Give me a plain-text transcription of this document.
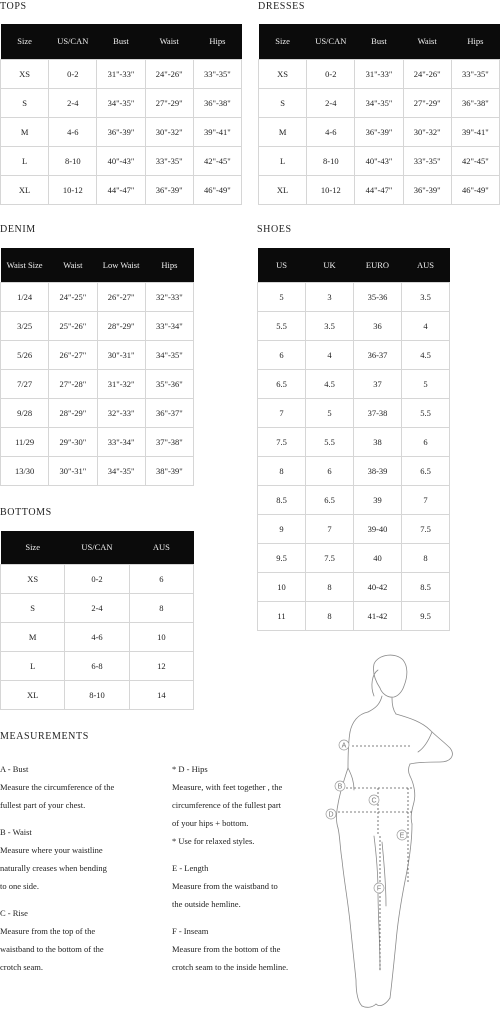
TOPS
Size	US/CAN	Bust	Waist	Hips
XS	0-2	31"-33"	24"-26"	33"-35"
S	2-4	34"-35"	27"-29"	36"-38"
M	4-6	36"-39"	30"-32"	39"-41"
L	8-10	40"-43"	33"-35"	42"-45"
XL	10-12	44"-47"	36"-39"	46"-49"
DRESSES
Size	US/CAN	Bust	Waist	Hips
XS	0-2	31"-33"	24"-26"	33"-35"
S	2-4	34"-35"	27"-29"	36"-38"
M	4-6	36"-39"	30"-32"	39"-41"
L	8-10	40"-43"	33"-35"	42"-45"
XL	10-12	44"-47"	36"-39"	46"-49"
DENIM
Waist Size	Waist	Low Waist	Hips
1/24	24"-25"	26"-27"	32"-33"
3/25	25"-26"	28"-29"	33"-34"
5/26	26"-27"	30"-31"	34"-35"
7/27	27"-28"	31"-32"	35"-36"
9/28	28"-29"	32"-33"	36"-37"
11/29	29"-30"	33"-34"	37"-38"
13/30	30"-31"	34"-35"	38"-39"
SHOES
US	UK	EURO	AUS
5	3	35-36	3.5
5.5	3.5	36	4
6	4	36-37	4.5
6.5	4.5	37	5
7	5	37-38	5.5
7.5	5.5	38	6
8	6	38-39	6.5
8.5	6.5	39	7
9	7	39-40	7.5
9.5	7.5	40	8
10	8	40-42	8.5
11	8	41-42	9.5
BOTTOMS
Size	US/CAN	AUS
XS	0-2	6
S	2-4	8
M	4-6	10
L	6-8	12
XL	8-10	14
MEASUREMENTS
A - Bust
Measure the circumference of the
fullest part of your chest.
B - Waist
Measure where your waistline
naturally creases when bending
to one side.
C - Rise
Measure from the top of the
waistband to the bottom of the
crotch seam.
* D - Hips
Measure, with feet together , the
circumference of the fullest part
of your hips + bottom.
* Use for relaxed styles.
E - Length
Measure from the waistband to
the outside hemline.
F - Inseam
Measure from the bottom of the
crotch seam to the inside hemline.
A
B
C
D
E
F
